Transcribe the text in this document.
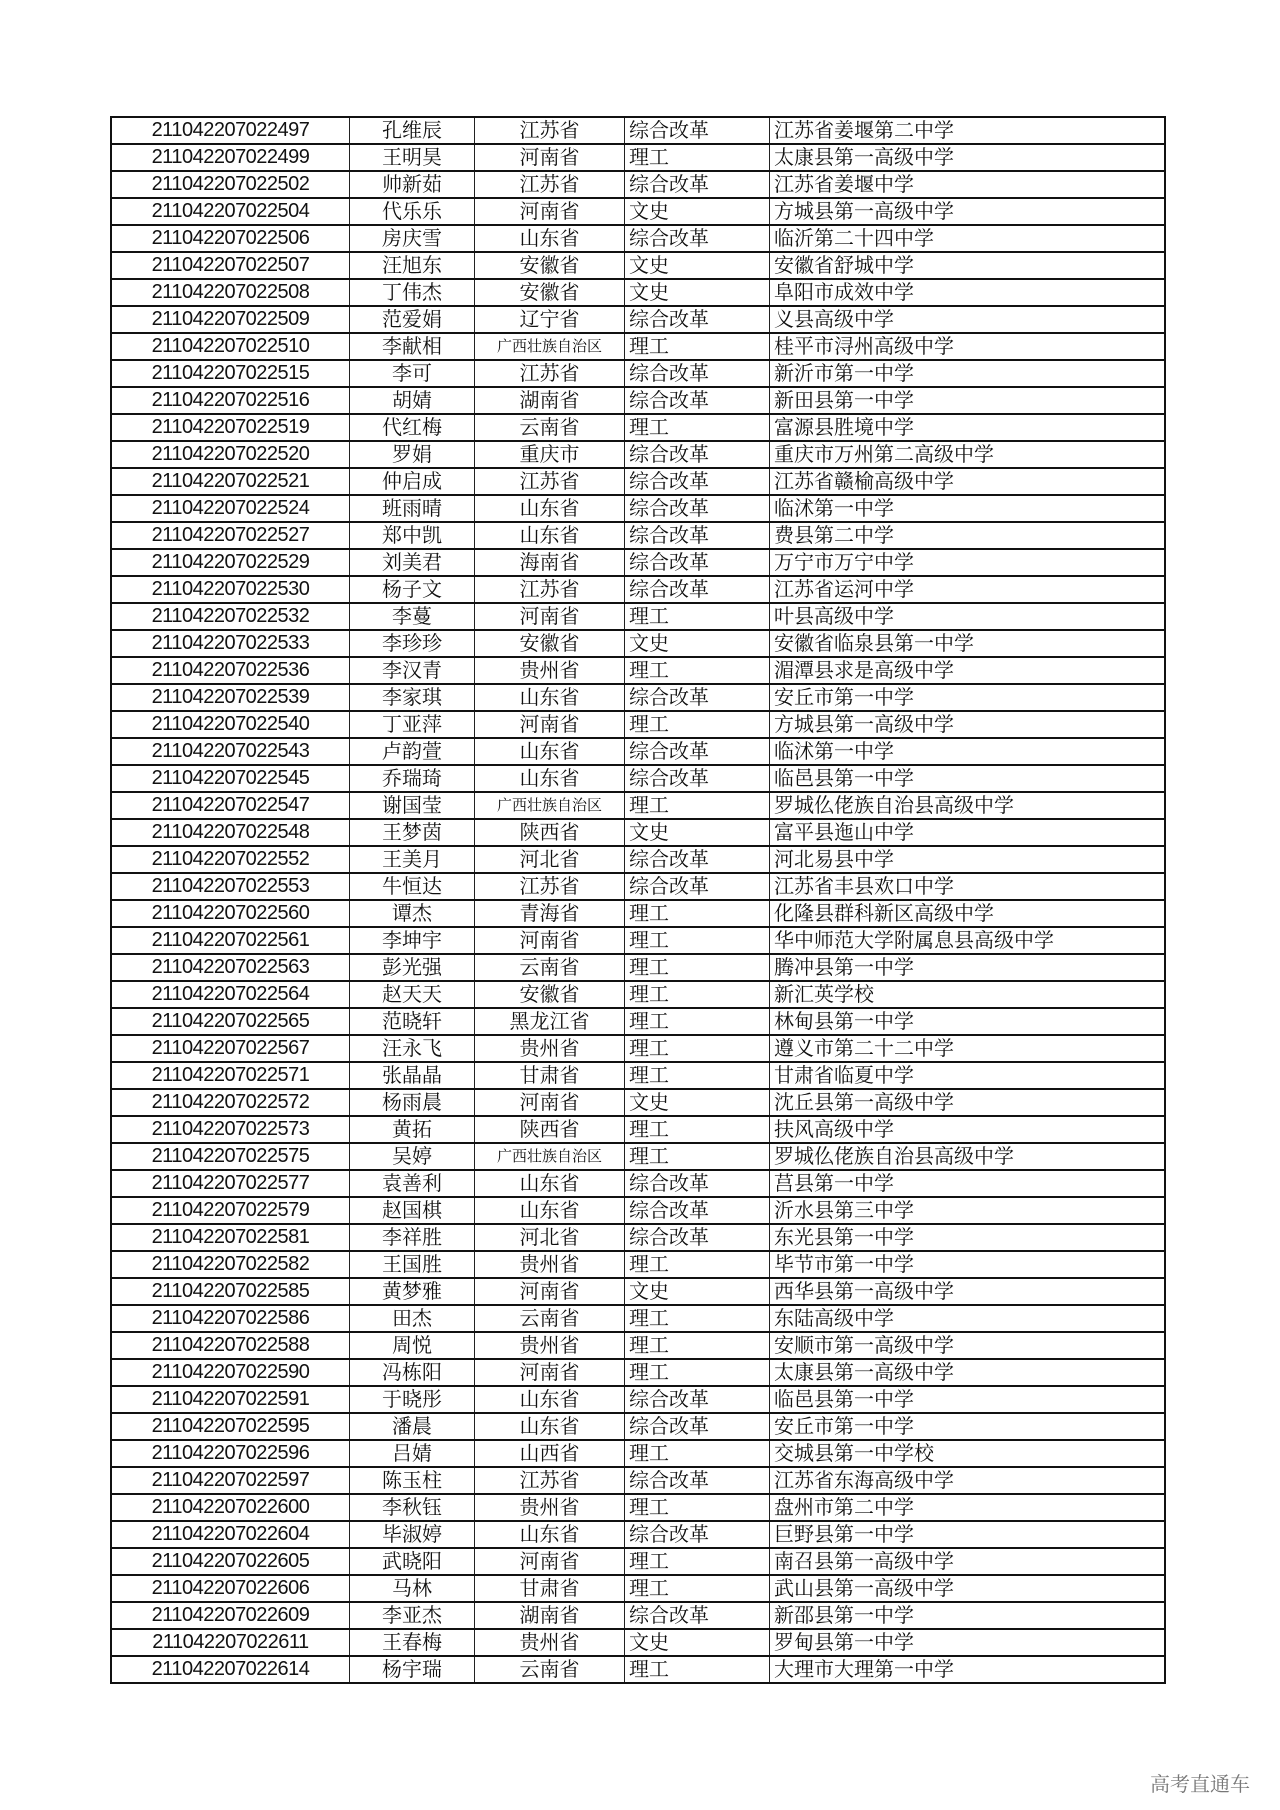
211042207022497	孔维辰	江苏省	综合改革	江苏省姜堰第二中学
211042207022499	王明昊	河南省	理工	太康县第一高级中学
211042207022502	帅新茹	江苏省	综合改革	江苏省姜堰中学
211042207022504	代乐乐	河南省	文史	方城县第一高级中学
211042207022506	房庆雪	山东省	综合改革	临沂第二十四中学
211042207022507	汪旭东	安徽省	文史	安徽省舒城中学
211042207022508	丁伟杰	安徽省	文史	阜阳市成效中学
211042207022509	范爱娟	辽宁省	综合改革	义县高级中学
211042207022510	李献相	广西壮族自治区	理工	桂平市浔州高级中学
211042207022515	李可	江苏省	综合改革	新沂市第一中学
211042207022516	胡婧	湖南省	综合改革	新田县第一中学
211042207022519	代红梅	云南省	理工	富源县胜境中学
211042207022520	罗娟	重庆市	综合改革	重庆市万州第二高级中学
211042207022521	仲启成	江苏省	综合改革	江苏省赣榆高级中学
211042207022524	班雨晴	山东省	综合改革	临沭第一中学
211042207022527	郑中凯	山东省	综合改革	费县第二中学
211042207022529	刘美君	海南省	综合改革	万宁市万宁中学
211042207022530	杨子文	江苏省	综合改革	江苏省运河中学
211042207022532	李蔓	河南省	理工	叶县高级中学
211042207022533	李珍珍	安徽省	文史	安徽省临泉县第一中学
211042207022536	李汉青	贵州省	理工	湄潭县求是高级中学
211042207022539	李家琪	山东省	综合改革	安丘市第一中学
211042207022540	丁亚萍	河南省	理工	方城县第一高级中学
211042207022543	卢韵萱	山东省	综合改革	临沭第一中学
211042207022545	乔瑞琦	山东省	综合改革	临邑县第一中学
211042207022547	谢国莹	广西壮族自治区	理工	罗城仫佬族自治县高级中学
211042207022548	王梦茵	陕西省	文史	富平县迤山中学
211042207022552	王美月	河北省	综合改革	河北易县中学
211042207022553	牛恒达	江苏省	综合改革	江苏省丰县欢口中学
211042207022560	谭杰	青海省	理工	化隆县群科新区高级中学
211042207022561	李坤宇	河南省	理工	华中师范大学附属息县高级中学
211042207022563	彭光强	云南省	理工	腾冲县第一中学
211042207022564	赵天天	安徽省	理工	新汇英学校
211042207022565	范晓轩	黑龙江省	理工	林甸县第一中学
211042207022567	汪永飞	贵州省	理工	遵义市第二十二中学
211042207022571	张晶晶	甘肃省	理工	甘肃省临夏中学
211042207022572	杨雨晨	河南省	文史	沈丘县第一高级中学
211042207022573	黄拓	陕西省	理工	扶风高级中学
211042207022575	吴婷	广西壮族自治区	理工	罗城仫佬族自治县高级中学
211042207022577	袁善利	山东省	综合改革	莒县第一中学
211042207022579	赵国棋	山东省	综合改革	沂水县第三中学
211042207022581	李祥胜	河北省	综合改革	东光县第一中学
211042207022582	王国胜	贵州省	理工	毕节市第一中学
211042207022585	黄梦雅	河南省	文史	西华县第一高级中学
211042207022586	田杰	云南省	理工	东陆高级中学
211042207022588	周悦	贵州省	理工	安顺市第一高级中学
211042207022590	冯栋阳	河南省	理工	太康县第一高级中学
211042207022591	于晓彤	山东省	综合改革	临邑县第一中学
211042207022595	潘晨	山东省	综合改革	安丘市第一中学
211042207022596	吕婧	山西省	理工	交城县第一中学校
211042207022597	陈玉柱	江苏省	综合改革	江苏省东海高级中学
211042207022600	李秋钰	贵州省	理工	盘州市第二中学
211042207022604	毕淑婷	山东省	综合改革	巨野县第一中学
211042207022605	武晓阳	河南省	理工	南召县第一高级中学
211042207022606	马林	甘肃省	理工	武山县第一高级中学
211042207022609	李亚杰	湖南省	综合改革	新邵县第一中学
211042207022611	王春梅	贵州省	文史	罗甸县第一中学
211042207022614	杨宇瑞	云南省	理工	大理市大理第一中学
高考直通车
